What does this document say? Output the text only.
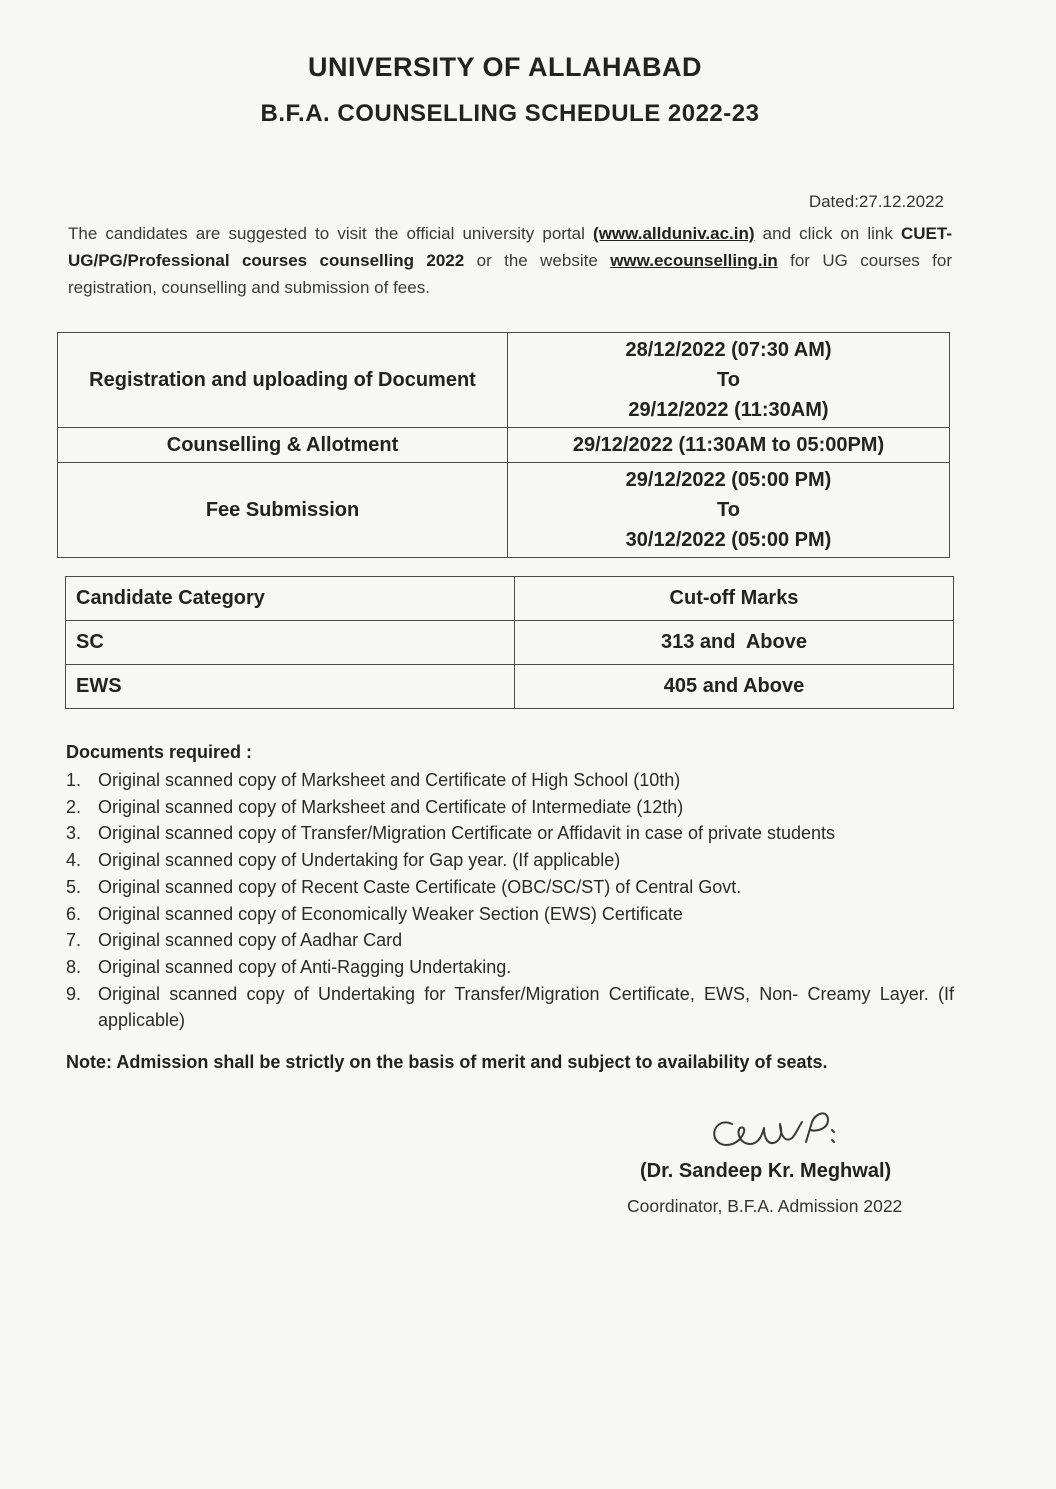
UNIVERSITY OF ALLAHABAD
B.F.A. COUNSELLING SCHEDULE 2022-23
Dated:27.12.2022
The candidates are suggested to visit the official university portal (www.allduniv.ac.in) and click on link CUET-UG/PG/Professional courses counselling 2022 or the website www.ecounselling.in for UG courses for registration, counselling and submission of fees.
Registration and uploading of Document	28/12/2022 (07:30 AM)
To
29/12/2022 (11:30AM)

Counselling & Allotment	29/12/2022 (11:30AM to 05:00PM)

Fee Submission	29/12/2022 (05:00 PM)
To
30/12/2022 (05:00 PM)
Candidate Category	Cut-off Marks
SC	313 and  Above
EWS	405 and Above
Documents required :
1. Original scanned copy of Marksheet and Certificate of High School (10th)
2. Original scanned copy of Marksheet and Certificate of Intermediate (12th)
3. Original scanned copy of Transfer/Migration Certificate or Affidavit in case of private students
4. Original scanned copy of Undertaking for Gap year. (If applicable)
5. Original scanned copy of Recent Caste Certificate (OBC/SC/ST) of Central Govt.
6. Original scanned copy of Economically Weaker Section (EWS) Certificate
7. Original scanned copy of Aadhar Card
8. Original scanned copy of Anti-Ragging Undertaking.
9. Original scanned copy of Undertaking for Transfer/Migration Certificate, EWS, Non- Creamy Layer. (If applicable)
Note: Admission shall be strictly on the basis of merit and subject to availability of seats.
(Dr. Sandeep Kr. Meghwal)
Coordinator, B.F.A. Admission 2022
